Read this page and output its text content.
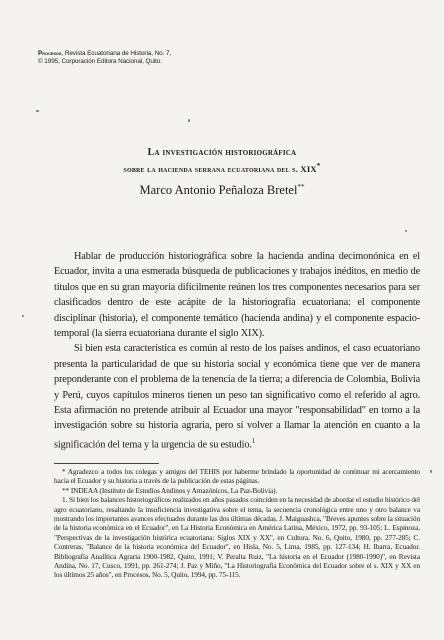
Procesos, Revista Ecuatoriana de Historia, No. 7,
© 1995, Corporación Editora Nacional, Quito.
La investigación historiográfica
sobre la hacienda serrana ecuatoriana del s. XIX*
Marco Antonio Peñaloza Bretel**

Hablar de producción historiográfica sobre la hacienda andina decimonónica en el Ecuador, invita a una esmerada búsqueda de publicaciones y trabajos inéditos, en medio de títulos que en su gran mayoría difícilmente reúnen los tres componentes necesarios para ser clasificados dentro de este acápite de la historiografía ecuatoriana: el componente disciplinar (historia), el componente temático (hacienda andina) y el componente espacio-temporal (la sierra ecuatoriana durante el siglo XIX).

Si bien esta característica es común al resto de los países andinos, el caso ecuatoriano presenta la particularidad de que su historia social y económica tiene que ver de manera preponderante con el problema de la tenencia de la tierra; a diferencia de Colombia, Bolivia y Perú, cuyos capítulos mineros tienen un peso tan significativo como el referido al agro. Esta afirmación no pretende atribuir al Ecuador una mayor "responsabilidad" en torno a la investigación sobre su historia agraria, pero sí volver a llamar la atención en cuanto a la significación del tema y la urgencia de su estudio.$^1$

* Agradezco a todos los colegas y amigos del TEHIS por haberme brindado la oportunidad de continuar mi acercamiento hacia el Ecuador y su historia a través de la publicación de estas páginas.

** INDEAA (Instituto de Estudios Andinos y Amazónicos, La Paz-Bolivia).

1. Si bien los balances historiográficos realizados en años pasados coinciden en la necesidad de abordar el estudio histórico del agro ecuatoriano, resaltando la insuficiencia investigativa sobre el tema, la secuencia cronológica entre uno y otro balance va mostrando los importantes avances efectuados durante las dos últimas décadas. J. Maiguashca, "Breves apuntes sobre la situación de la historia económica en el Ecuador", en La Historia Económica en América Latina, México, 1972, pp. 93-105; L. Espinoza, "Perspectivas de la investigación histórica ecuatoriana: Siglos XIX y XX", en Cultura, No. 6, Quito, 1980, pp. 277-285; C. Contreras, "Balance de la historia económica del Ecuador", en Hisla, No. 5, Lima, 1985, pp. 127-134; H. Ibarra, Ecuador. Bibliografía Analítica Agraria 1900-1982, Quito, 1991; V. Peralta Ruiz, "La historia en el Ecuador (1980-1990)", en Revista Andina, No. 17, Cusco, 1991, pp. 261-274; J. Paz y Miño, "La Historiografía Económica del Ecuador sobre el s. XIX y XX en los últimos 25 años", en Procesos, No. 5, Quito, 1994, pp. 75-115.
